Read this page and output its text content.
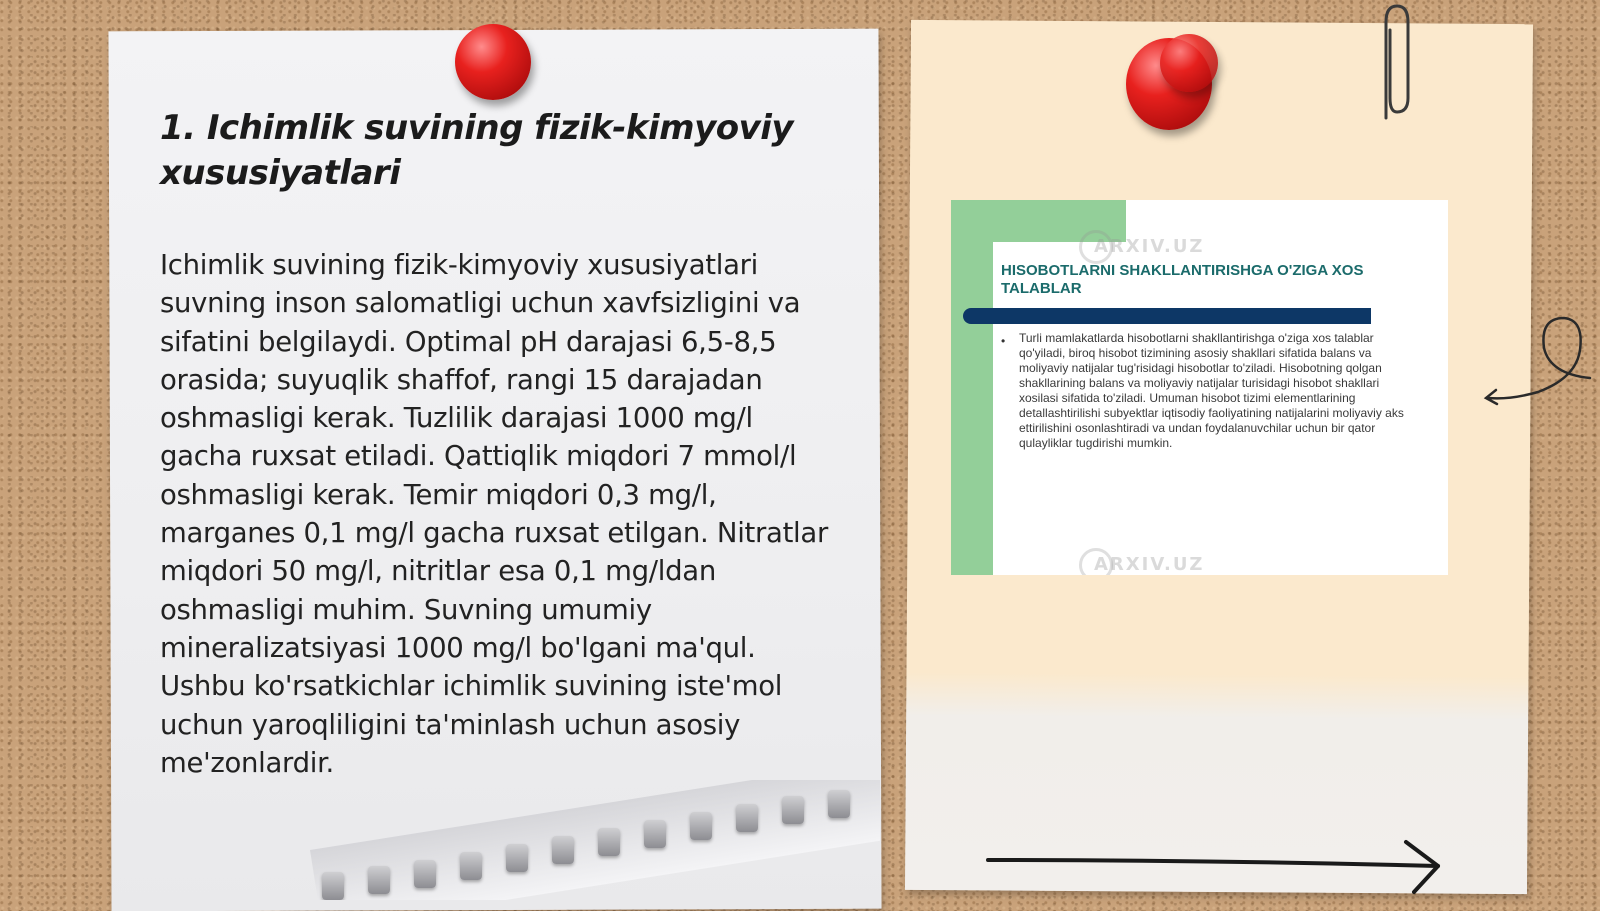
1. Ichimlik suvining fizik-kimyoviy xususiyatlari

Ichimlik suvining fizik-kimyoviy xususiyatlari suvning inson salomatligi uchun xavfsizligini va sifatini belgilaydi. Optimal pH darajasi 6,5-8,5 orasida; suyuqlik shaffof, rangi 15 darajadan oshmasligi kerak. Tuzlilik darajasi 1000 mg/l gacha ruxsat etiladi. Qattiqlik miqdori 7 mmol/l oshmasligi kerak. Temir miqdori 0,3 mg/l, marganes 0,1 mg/l gacha ruxsat etilgan. Nitratlar miqdori 50 mg/l, nitritlar esa 0,1 mg/ldan oshmasligi muhim. Suvning umumiy mineralizatsiyasi 1000 mg/l bo'lgani ma'qul. Ushbu ko'rsatkichlar ichimlik suvining iste'mol uchun yaroqliligini ta'minlash uchun asosiy me'zonlardir.

ARXIV.UZ

HISOBOTLARNI SHAKLLANTIRISHGA O'ZIGA XOS TALABLAR

•	Turli mamlakatlarda hisobotlarni shakllantirishga o'ziga xos talablar qo'yiladi, biroq hisobot tizimining asosiy shakllari sifatida balans va moliyaviy natijalar tug'risidagi hisobotlar to'ziladi. Hisobotning qolgan shakllarining balans va moliyaviy natijalar turisidagi hisobot shakllari xosilasi sifatida to'ziladi. Umuman hisobot tizimi elementlarining detallashtirilishi subyektlar iqtisodiy faoliyatining natijalarini moliyaviy aks ettirilishini osonlashtiradi va undan foydalanuvchilar uchun bir qator qulayliklar tugdirishi mumkin.

ARXIV.UZ
